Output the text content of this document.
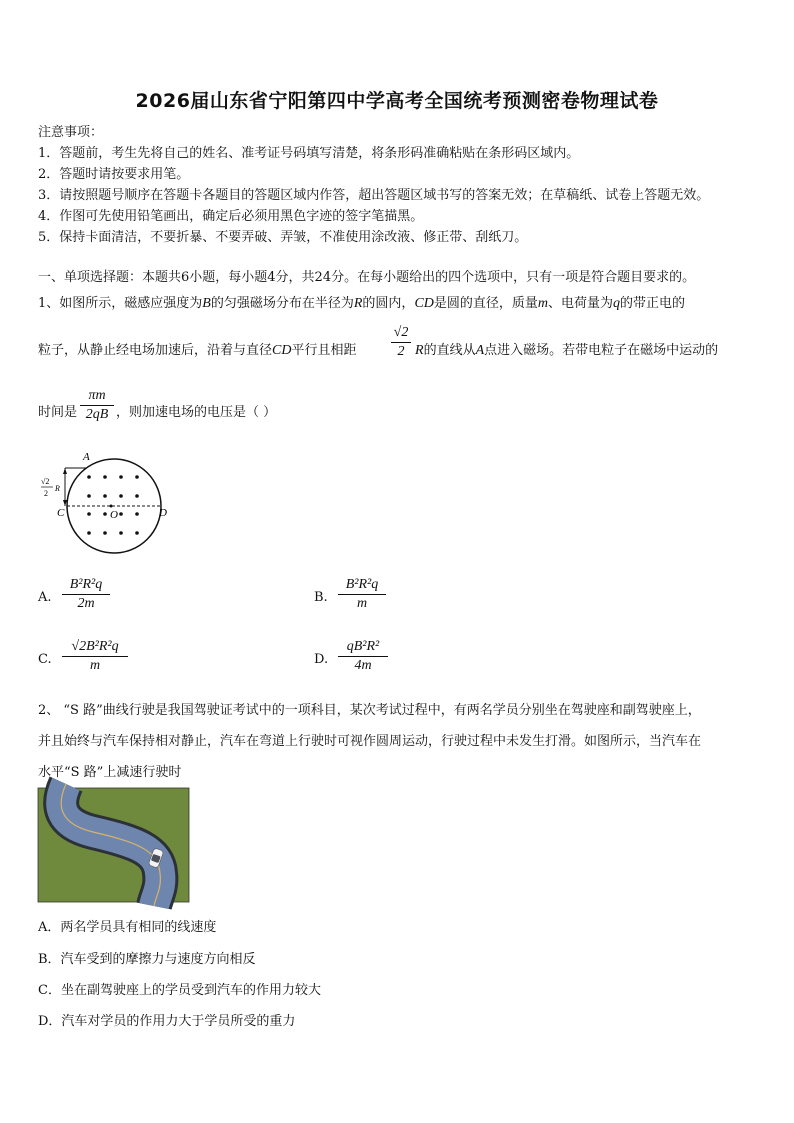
2026届山东省宁阳第四中学高考全国统考预测密卷物理试卷
注意事项：
1．答题前，考生先将自己的姓名、准考证号码填写清楚，将条形码准确粘贴在条形码区域内。
2．答题时请按要求用笔。
3．请按照题号顺序在答题卡各题目的答题区域内作答，超出答题区域书写的答案无效；在草稿纸、试卷上答题无效。
4．作图可先使用铅笔画出，确定后必须用黑色字迹的签字笔描黑。
5．保持卡面清洁，不要折暴、不要弄破、弄皱，不准使用涂改液、修正带、刮纸刀。
一、单项选择题：本题共6小题，每小题4分，共24分。在每小题给出的四个选项中，只有一项是符合题目要求的。
1、如图所示，磁感应强度为B的匀强磁场分布在半径为R的圆内，CD是圆的直径，质量m、电荷量为q的带正电的
粒子，从静止经电场加速后，沿着与直径CD平行且相距
√2
2 R的直线从A点进入磁场。若带电粒子在磁场中运动的
时间是
πm
2qB ，则加速电场的电压是（ ）
A
C	O	D
√2
2
R
A.
B²R²q
2m	B.
B²R²q
m
C.
√2B²R²q
m	D.
qB²R²
4m
2、 “S 路”曲线行驶是我国驾驶证考试中的一项科目，某次考试过程中，有两名学员分别坐在驾驶座和副驾驶座上，
并且始终与汽车保持相对静止，汽车在弯道上行驶时可视作圆周运动，行驶过程中未发生打滑。如图所示，当汽车在
水平“S 路”上减速行驶时
A．两名学员具有相同的线速度
B．汽车受到的摩擦力与速度方向相反
C．坐在副驾驶座上的学员受到汽车的作用力较大
D．汽车对学员的作用力大于学员所受的重力
